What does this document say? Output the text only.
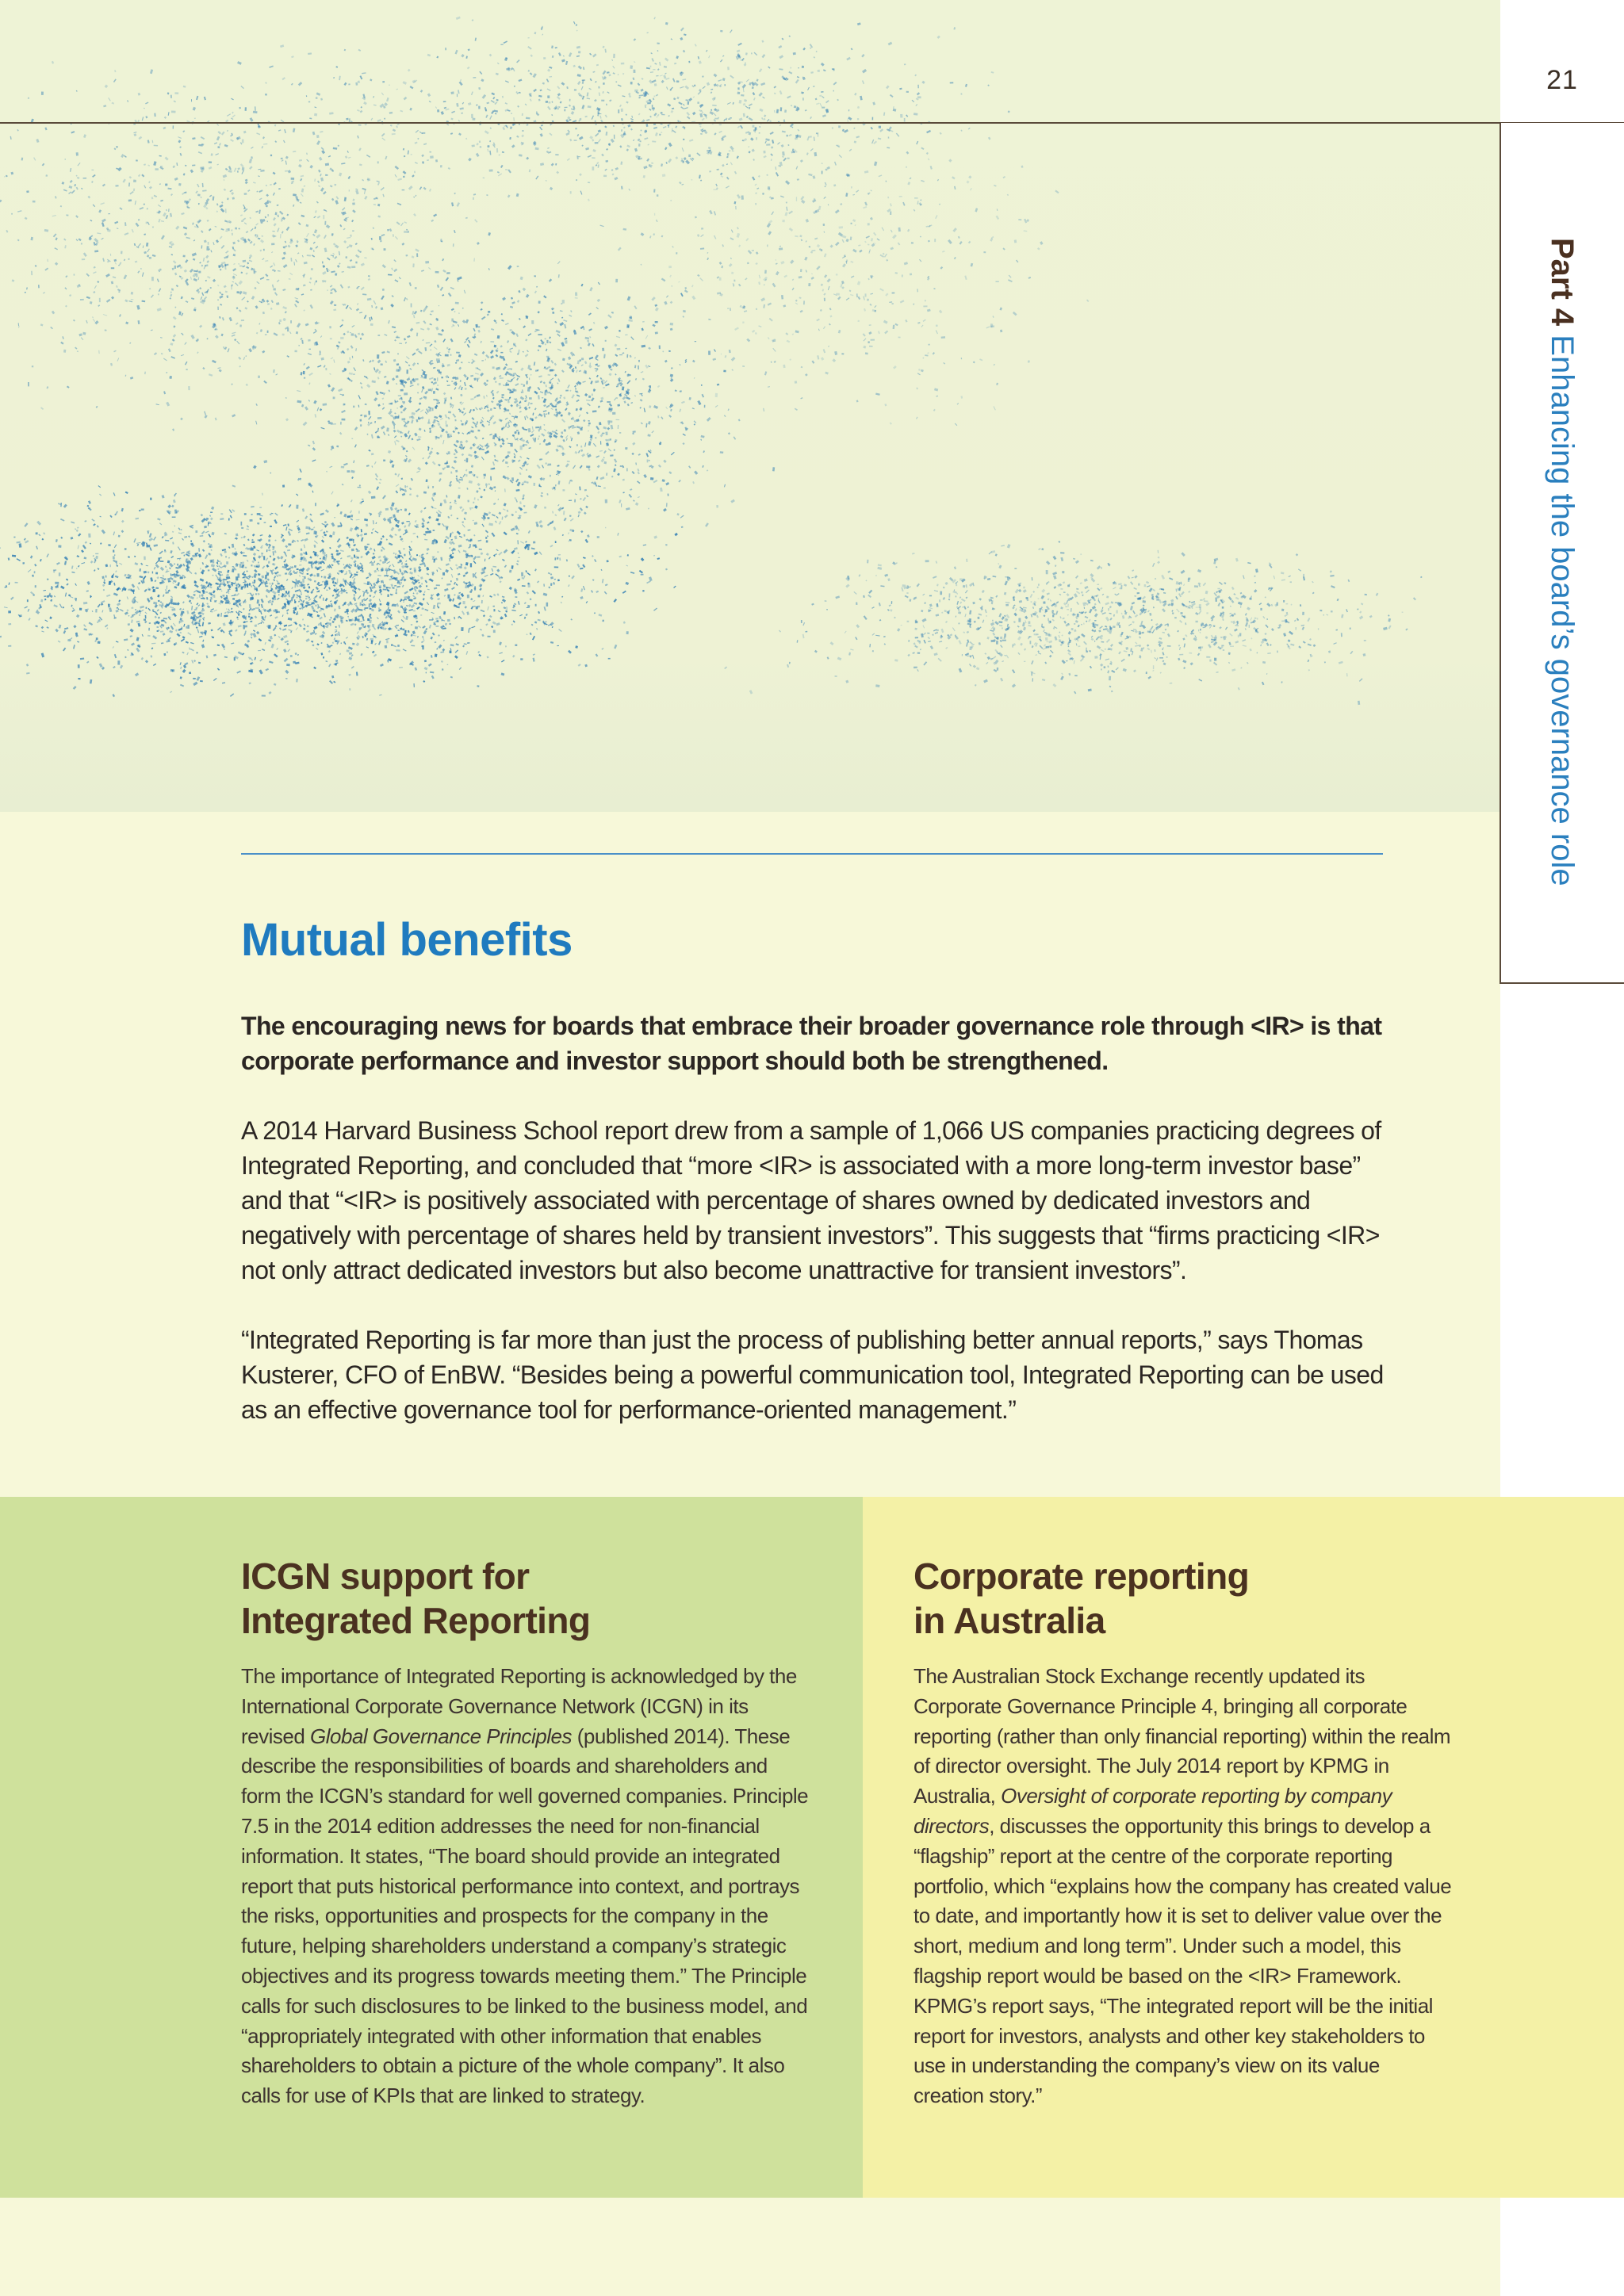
21
Part 4 Enhancing the board’s governance role
Mutual benefits

The encouraging news for boards that embrace their broader governance role through <IR> is that corporate performance and investor support should both be strengthened.

A 2014 Harvard Business School report drew from a sample of 1,066 US companies practicing degrees of Integrated Reporting, and concluded that “more <IR> is associated with a more long-term investor base” and that “<IR> is positively associated with percentage of shares owned by dedicated investors and negatively with percentage of shares held by transient investors”. This suggests that “firms practicing <IR> not only attract dedicated investors but also become unattractive for transient investors”.

“Integrated Reporting is far more than just the process of publishing better annual reports,” says Thomas Kusterer, CFO of EnBW. “Besides being a powerful communication tool, Integrated Reporting can be used as an effective governance tool for performance-oriented management.”

ICGN support for
Integrated Reporting

The importance of Integrated Reporting is acknowledged by the International Corporate Governance Network (ICGN) in its revised Global Governance Principles (published 2014). These describe the responsibilities of boards and shareholders and form the ICGN’s standard for well governed companies. Principle 7.5 in the 2014 edition addresses the need for non-financial information. It states, “The board should provide an integrated report that puts historical performance into context, and portrays the risks, opportunities and prospects for the company in the future, helping shareholders understand a company’s strategic objectives and its progress towards meeting them.” The Principle calls for such disclosures to be linked to the business model, and “appropriately integrated with other information that enables shareholders to obtain a picture of the whole company”. It also calls for use of KPIs that are linked to strategy.

Corporate reporting
in Australia

The Australian Stock Exchange recently updated its Corporate Governance Principle 4, bringing all corporate reporting (rather than only financial reporting) within the realm of director oversight. The July 2014 report by KPMG in Australia, Oversight of corporate reporting by company directors, discusses the opportunity this brings to develop a “flagship” report at the centre of the corporate reporting portfolio, which “explains how the company has created value to date, and importantly how it is set to deliver value over the short, medium and long term”. Under such a model, this flagship report would be based on the <IR> Framework. KPMG’s report says, “The integrated report will be the initial report for investors, analysts and other key stakeholders to use in understanding the company’s view on its value creation story.”
